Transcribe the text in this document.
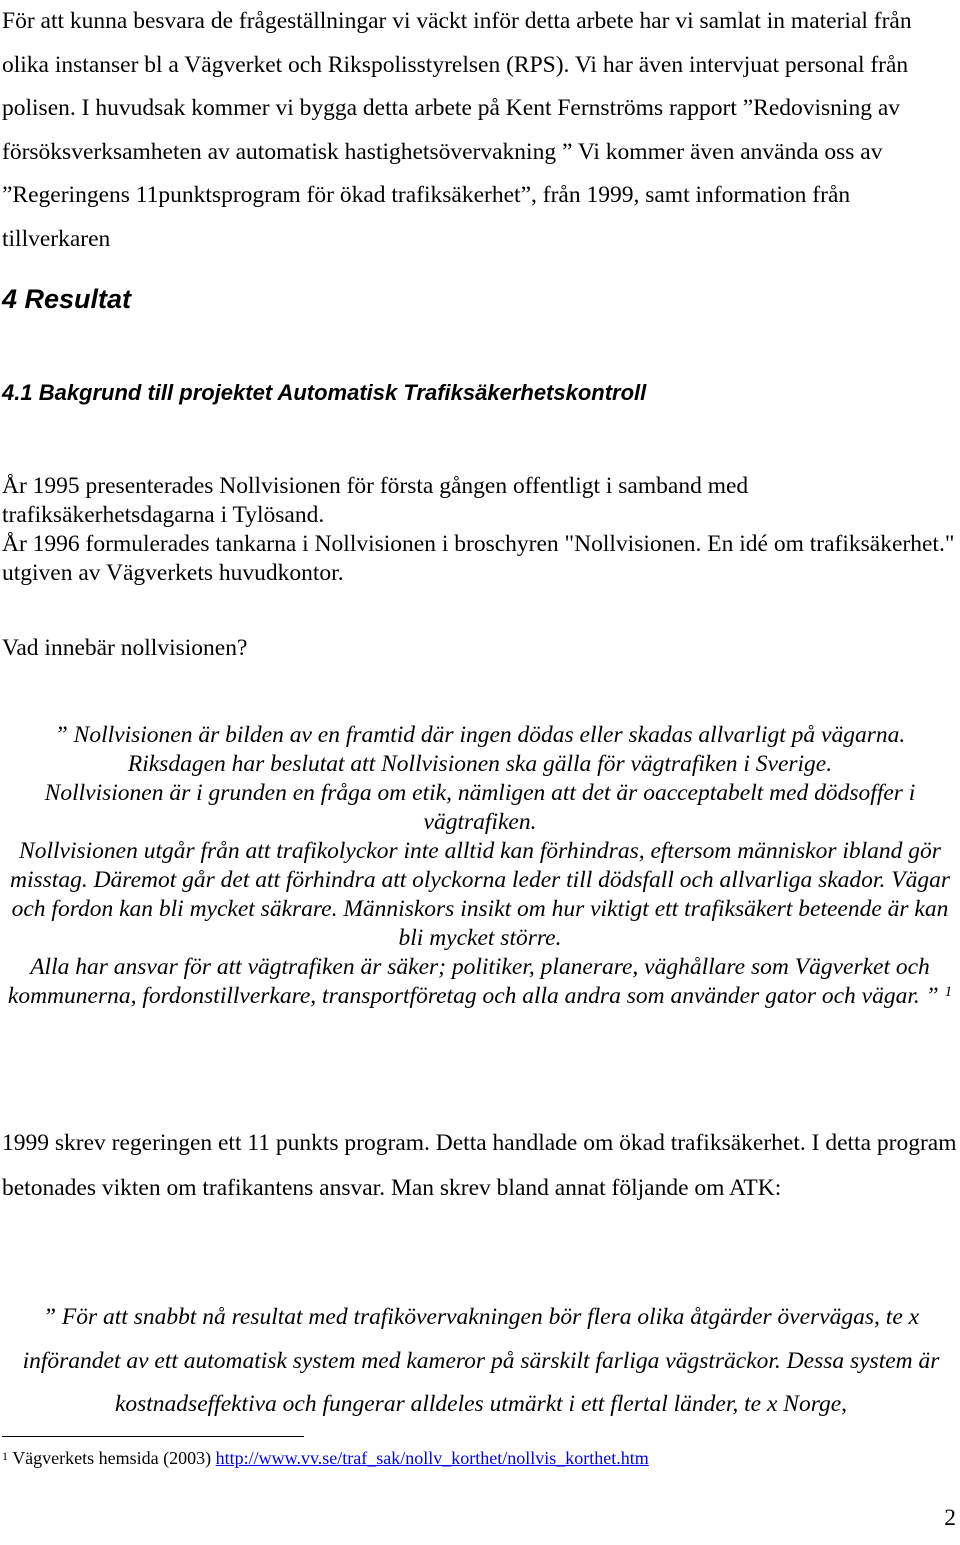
För att kunna besvara de frågeställningar vi väckt inför detta arbete har vi samlat in material från olika instanser bl a Vägverket och Rikspolisstyrelsen (RPS). Vi har även intervjuat personal från polisen. I huvudsak kommer vi bygga detta arbete på Kent Fernströms rapport ”Redovisning av försöksverksamheten av automatisk hastighetsövervakning ” Vi kommer även använda oss av ”Regeringens 11punktsprogram för ökad trafiksäkerhet”, från 1999, samt information från tillverkaren

4 Resultat
4.1 Bakgrund till projektet Automatisk Trafiksäkerhetskontroll

År 1995 presenterades Nollvisionen för första gången offentligt i samband med trafiksäkerhetsdagarna i Tylösand.

År 1996 formulerades tankarna i Nollvisionen i broschyren "Nollvisionen. En idé om trafiksäkerhet." utgiven av Vägverkets huvudkontor.

Vad innebär nollvisionen?

” Nollvisionen är bilden av en framtid där ingen dödas eller skadas allvarligt på vägarna.
Riksdagen har beslutat att Nollvisionen ska gälla för vägtrafiken i Sverige.
Nollvisionen är i grunden en fråga om etik, nämligen att det är oacceptabelt med dödsoffer i vägtrafiken.
Nollvisionen utgår från att trafikolyckor inte alltid kan förhindras, eftersom människor ibland gör misstag. Däremot går det att förhindra att olyckorna leder till dödsfall och allvarliga skador. Vägar och fordon kan bli mycket säkrare. Människors insikt om hur viktigt ett trafiksäkert beteende är kan bli mycket större.
Alla har ansvar för att vägtrafiken är säker; politiker, planerare, väghållare som Vägverket och kommunerna, fordonstillverkare, transportföretag och alla andra som använder gator och vägar. ” $^1$

1999 skrev regeringen ett 11 punkts program. Detta handlade om ökad trafiksäkerhet. I detta program betonades vikten om trafikantens ansvar. Man skrev bland annat följande om ATK:

” För att snabbt nå resultat med trafikövervakningen bör flera olika åtgärder övervägas, te x införandet av ett automatisk system med kameror på särskilt farliga vägsträckor. Dessa system är kostnadseffektiva och fungerar alldeles utmärkt i ett flertal länder, te x Norge,

$^1$ Vägverkets hemsida (2003) http://www.vv.se/traf_sak/nollv_korthet/nollvis_korthet.htm

2
